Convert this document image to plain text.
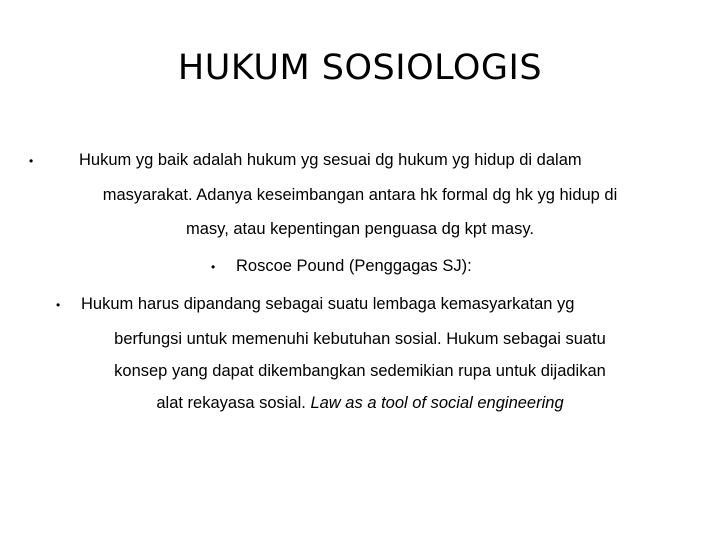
HUKUM SOSIOLOGIS
•	Hukum yg baik adalah hukum yg sesuai dg hukum yg hidup di dalam
masyarakat. Adanya keseimbangan antara hk formal dg hk yg hidup di
masy, atau kepentingan penguasa dg kpt masy.
• Roscoe Pound (Penggagas SJ):
• Hukum harus dipandang sebagai suatu lembaga kemasyarkatan yg
berfungsi untuk memenuhi kebutuhan sosial. Hukum sebagai suatu
konsep yang dapat dikembangkan sedemikian rupa untuk dijadikan
alat rekayasa sosial. Law as a tool of social engineering
